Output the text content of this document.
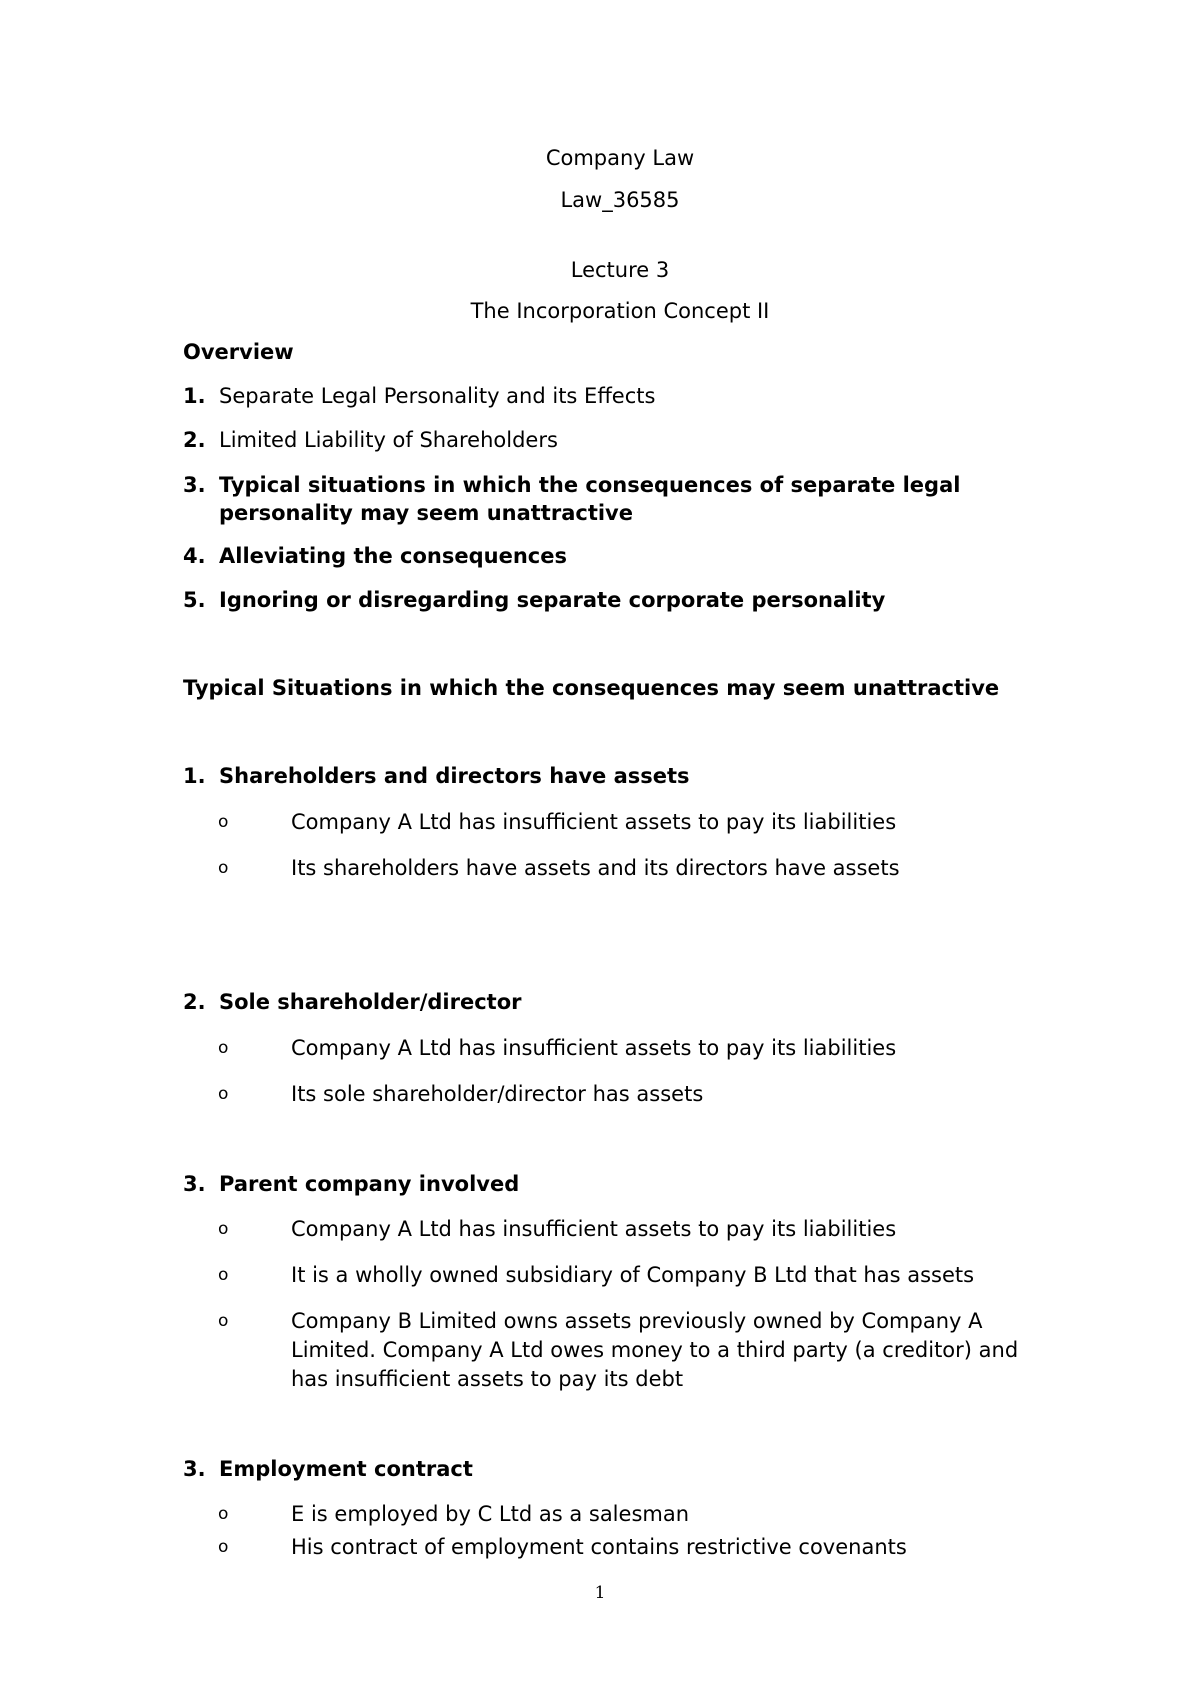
Company Law
Law_36585
Lecture 3
The Incorporation Concept II
Overview
1. Separate Legal Personality and its Effects
2. Limited Liability of Shareholders
3. Typical situations in which the consequences of separate legal personality may seem unattractive
4. Alleviating the consequences
5. Ignoring or disregarding separate corporate personality
Typical Situations in which the consequences may seem unattractive
1. Shareholders and directors have assets
o	Company A Ltd has insufficient assets to pay its liabilities
o	Its shareholders have assets and its directors have assets
2. Sole shareholder/director
o	Company A Ltd has insufficient assets to pay its liabilities
o	Its sole shareholder/director has assets
3. Parent company involved
o	Company A Ltd has insufficient assets to pay its liabilities
o	It is a wholly owned subsidiary of Company B Ltd that has assets
o	Company B Limited owns assets previously owned by Company A Limited. Company A Ltd owes money to a third party (a creditor) and has insufficient assets to pay its debt
3. Employment contract
o	E is employed by C Ltd as a salesman
o	His contract of employment contains restrictive covenants
1
